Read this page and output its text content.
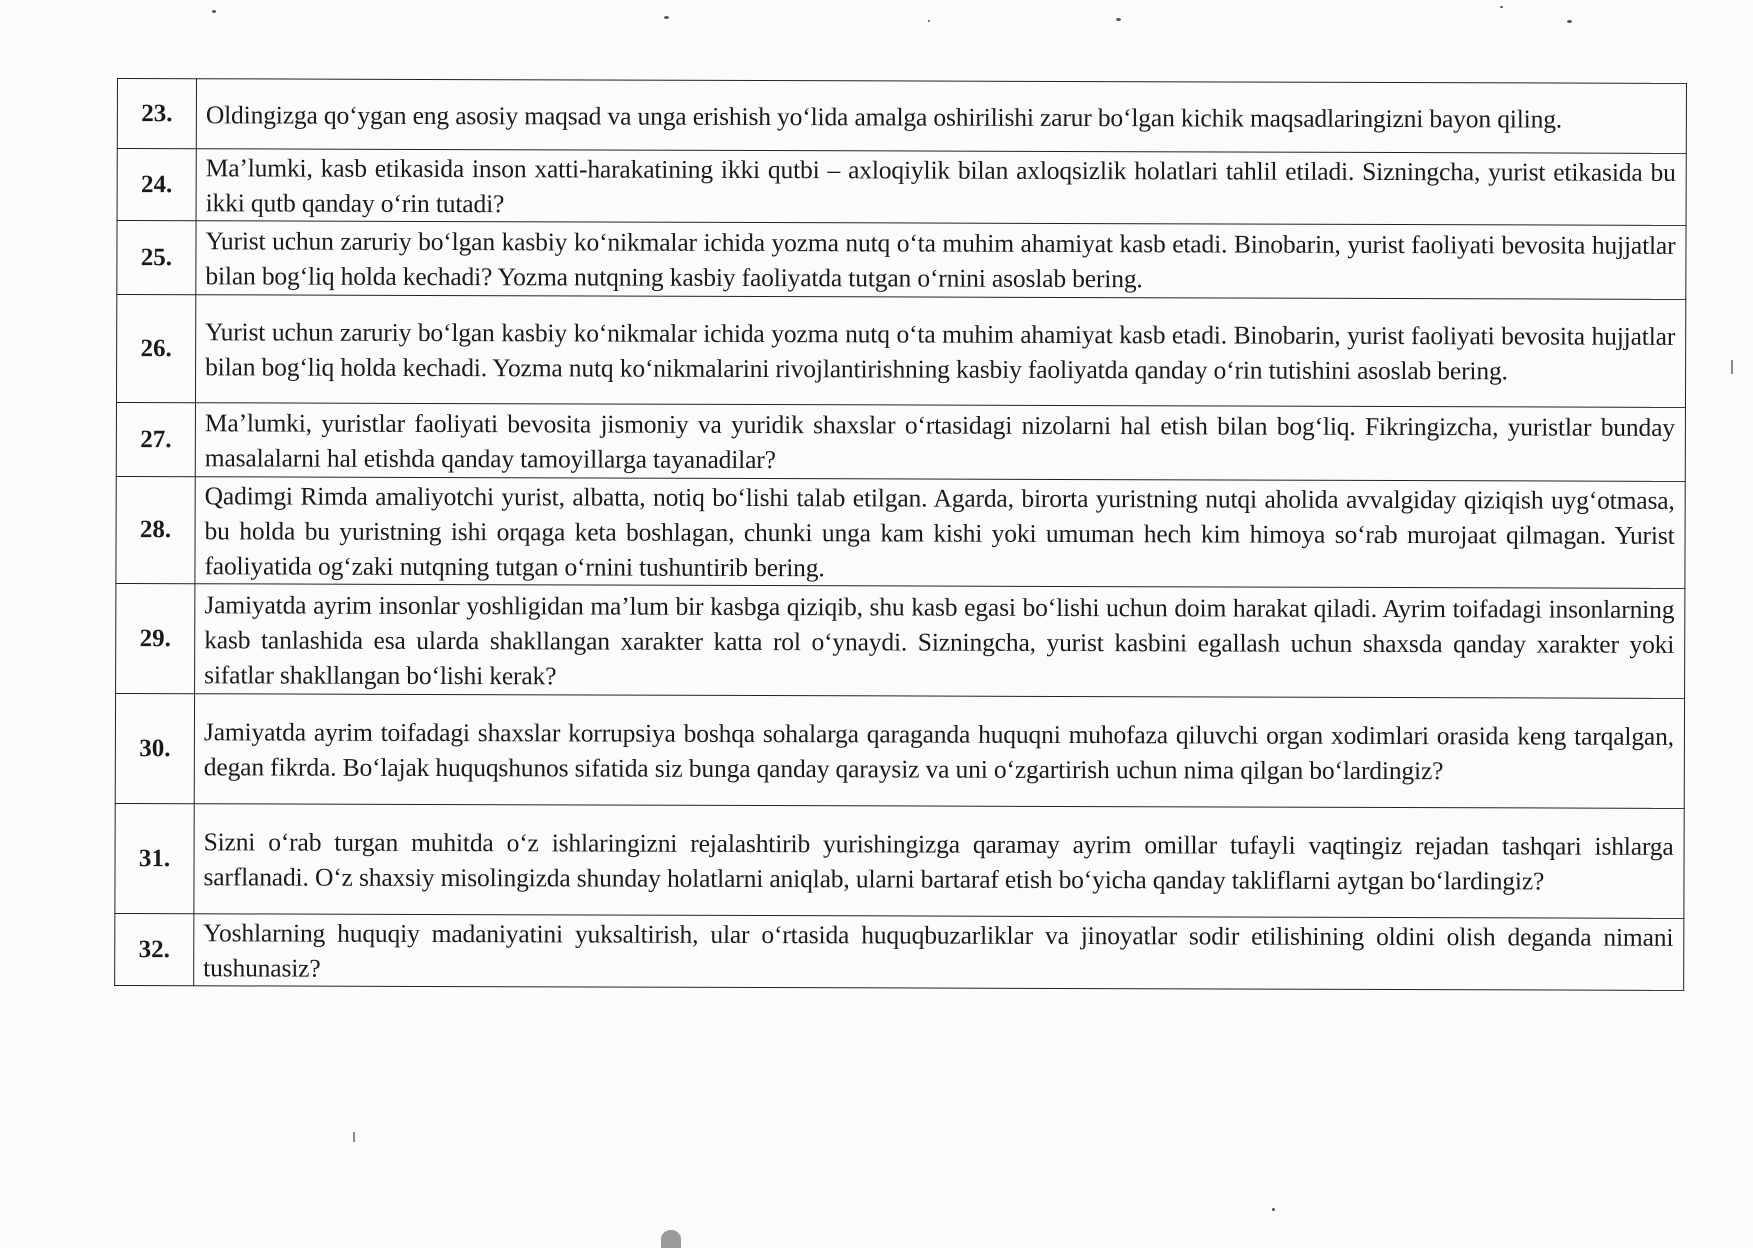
23.	Oldingizga qo‘ygan eng asosiy maqsad va unga erishish yo‘lida amalga oshirilishi zarur bo‘lgan kichik maqsadlaringizni bayon qiling.
24.	Ma’lumki, kasb etikasida inson xatti-harakatining ikki qutbi – axloqiylik bilan axloqsizlik holatlari tahlil etiladi. Sizningcha, yurist etikasida bu ikki qutb qanday o‘rin tutadi?
25.	Yurist uchun zaruriy bo‘lgan kasbiy ko‘nikmalar ichida yozma nutq o‘ta muhim ahamiyat kasb etadi. Binobarin, yurist faoliyati bevosita hujjatlar bilan bog‘liq holda kechadi? Yozma nutqning kasbiy faoliyatda tutgan o‘rnini asoslab bering.
26.	Yurist uchun zaruriy bo‘lgan kasbiy ko‘nikmalar ichida yozma nutq o‘ta muhim ahamiyat kasb etadi. Binobarin, yurist faoliyati bevosita hujjatlar bilan bog‘liq holda kechadi. Yozma nutq ko‘nikmalarini rivojlantirishning kasbiy faoliyatda qanday o‘rin tutishini asoslab bering.
27.	Ma’lumki, yuristlar faoliyati bevosita jismoniy va yuridik shaxslar o‘rtasidagi nizolarni hal etish bilan bog‘liq. Fikringizcha, yuristlar bunday masalalarni hal etishda qanday tamoyillarga tayanadilar?
28.	Qadimgi Rimda amaliyotchi yurist, albatta, notiq bo‘lishi talab etilgan. Agarda, birorta yuristning nutqi aholida avvalgiday qiziqish uyg‘otmasa, bu holda bu yuristning ishi orqaga keta boshlagan, chunki unga kam kishi yoki umuman hech kim himoya so‘rab murojaat qilmagan. Yurist faoliyatida og‘zaki nutqning tutgan o‘rnini tushuntirib bering.
29.	Jamiyatda ayrim insonlar yoshligidan ma’lum bir kasbga qiziqib, shu kasb egasi bo‘lishi uchun doim harakat qiladi. Ayrim toifadagi insonlarning kasb tanlashida esa ularda shakllangan xarakter katta rol o‘ynaydi. Sizningcha, yurist kasbini egallash uchun shaxsda qanday xarakter yoki sifatlar shakllangan bo‘lishi kerak?
30.	Jamiyatda ayrim toifadagi shaxslar korrupsiya boshqa sohalarga qaraganda huquqni muhofaza qiluvchi organ xodimlari orasida keng tarqalgan, degan fikrda. Bo‘lajak huquqshunos sifatida siz bunga qanday qaraysiz va uni o‘zgartirish uchun nima qilgan bo‘lardingiz?
31.	Sizni o‘rab turgan muhitda o‘z ishlaringizni rejalashtirib yurishingizga qaramay ayrim omillar tufayli vaqtingiz rejadan tashqari ishlarga sarflanadi. O‘z shaxsiy misolingizda shunday holatlarni aniqlab, ularni bartaraf etish bo‘yicha qanday takliflarni aytgan bo‘lardingiz?
32.	Yoshlarning huquqiy madaniyatini yuksaltirish, ular o‘rtasida huquqbuzarliklar va jinoyatlar sodir etilishining oldini olish deganda nimani tushunasiz?
